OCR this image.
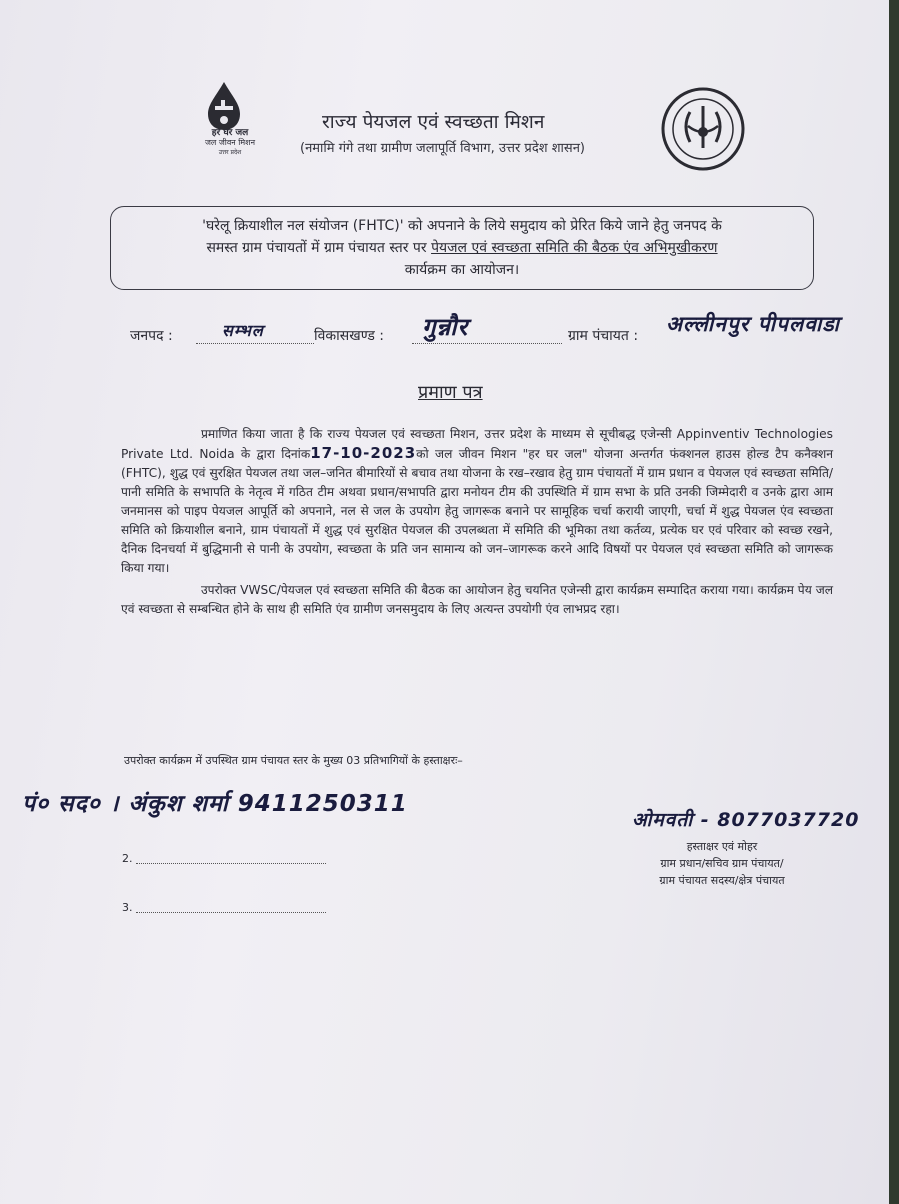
हर घर जल
जल जीवन मिशन
उत्तर प्रदेश
राज्य पेयजल एवं स्वच्छता मिशन
(नमामि गंगे तथा ग्रामीण जलापूर्ति विभाग, उत्तर प्रदेश शासन)
'घरेलू क्रियाशील नल संयोजन (FHTC)' को अपनाने के लिये समुदाय को प्रेरित किये जाने हेतु जनपद के
समस्त ग्राम पंचायतों में ग्राम पंचायत स्तर पर पेयजल एवं स्वच्छता समिति की बैठक एंव अभिमुखीकरण
कार्यक्रम का आयोजन।
जनपद :	सम्भल	विकासखण्ड : गुन्नौर	ग्राम पंचायत : अल्लीनपुर पीपलवाडा
प्रमाण पत्र

प्रमाणित किया जाता है कि राज्य पेयजल एवं स्वच्छता मिशन, उत्तर प्रदेश के माध्यम से सूचीबद्ध एजेन्सी Appinventiv Technologies Private Ltd. Noida के द्वारा दिनांक17-10-2023को जल जीवन मिशन "हर घर जल" योजना अन्तर्गत फंक्शनल हाउस होल्ड टैप कनैक्शन (FHTC), शुद्ध एवं सुरक्षित पेयजल तथा जल–जनित बीमारियों से बचाव तथा योजना के रख–रखाव हेतु ग्राम पंचायतों में ग्राम प्रधान व पेयजल एवं स्वच्छता समिति/पानी समिति के सभापति के नेतृत्व में गठित टीम अथवा प्रधान/सभापति द्वारा मनोयन टीम की उपस्थिति में ग्राम सभा के प्रति उनकी जिम्मेदारी व उनके द्वारा आम जनमानस को पाइप पेयजल आपूर्ति को अपनाने, नल से जल के उपयोग हेतु जागरूक बनाने पर सामूहिक चर्चा करायी जाएगी, चर्चा में शुद्ध पेयजल एंव स्वच्छता समिति को क्रियाशील बनाने, ग्राम पंचायतों में शुद्ध एवं सुरक्षित पेयजल की उपलब्धता में समिति की भूमिका तथा कर्तव्य, प्रत्येक घर एवं परिवार को स्वच्छ रखने, दैनिक दिनचर्या में बुद्धिमानी से पानी के उपयोग, स्वच्छता के प्रति जन सामान्य को जन–जागरूक करने आदि विषयों पर पेयजल एवं स्वच्छता समिति को जागरूक किया गया।

उपरोक्त VWSC/पेयजल एवं स्वच्छता समिति की बैठक का आयोजन हेतु चयनित एजेन्सी द्वारा कार्यक्रम सम्पादित कराया गया। कार्यक्रम पेय जल एवं स्वच्छता से सम्बन्धित होने के साथ ही समिति एंव ग्रामीण जनसमुदाय के लिए अत्यन्त उपयोगी एंव लाभप्रद रहा।

उपरोक्त कार्यक्रम में उपस्थित ग्राम पंचायत स्तर के मुख्य 03 प्रतिभागियों के हस्ताक्षरः–
पं० सद० । अंकुश शर्मा 9411250311
2.
3.
ओमवती - 8077037720
हस्ताक्षर एवं मोहर
ग्राम प्रधान/सचिव ग्राम पंचायत/
ग्राम पंचायत सदस्य/क्षेत्र पंचायत
